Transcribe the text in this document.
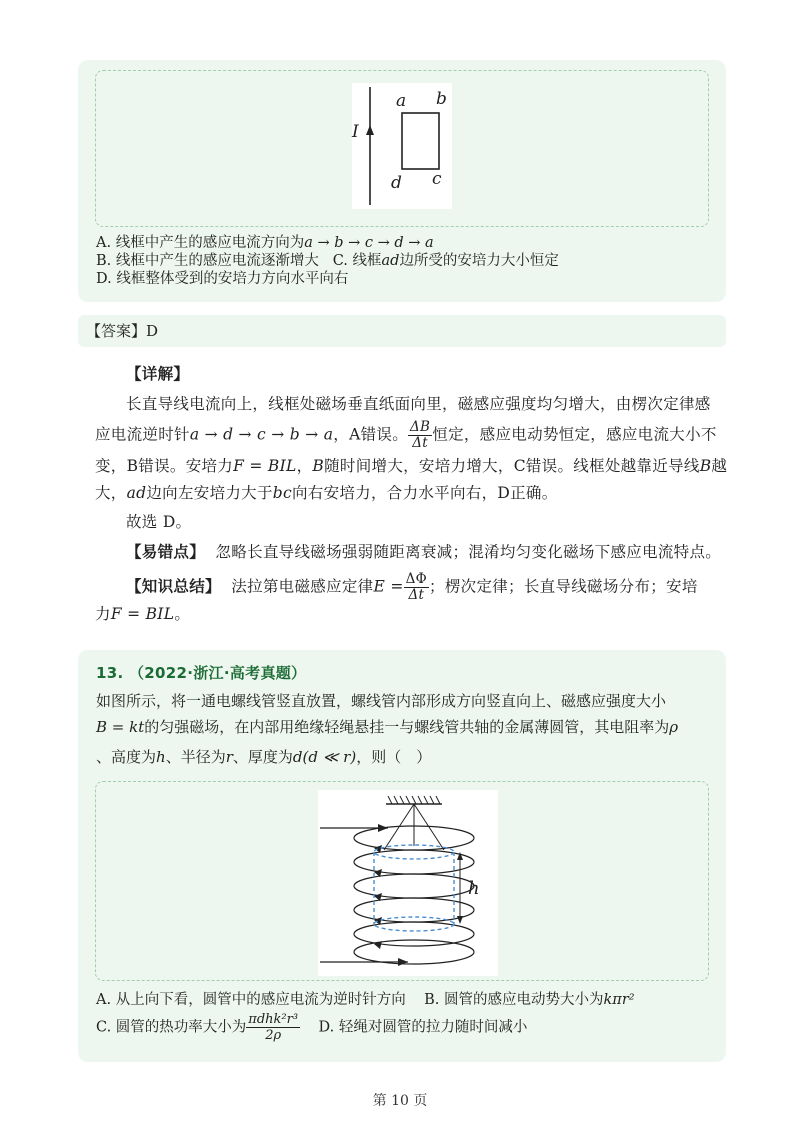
I
a b
d c
A. 线框中产生的感应电流方向为a → b → c → d → a
B. 线框中产生的感应电流逐渐增大 C. 线框ad边所受的安培力大小恒定
D. 线框整体受到的安培力方向水平向右
【答案】D
【详解】
长直导线电流向上，线框处磁场垂直纸面向里，磁感应强度均匀增大，由楞次定律感
应电流逆时针a → d → c → b → a，A错误。 $\frac{\Delta B}{\Delta t}$ 恒定，感应电动势恒定，感应电流大小不
变，B错误。安培力F = BIL，B随时间增大，安培力增大，C错误。线框处越靠近导线B越
大，ad边向左安培力大于bc向右安培力，合力水平向右，D正确。
故选 D。
【易错点】 忽略长直导线磁场强弱随距离衰减；混淆均匀变化磁场下感应电流特点。
【知识总结】 法拉第电磁感应定律$E = \frac{\Delta\Phi}{\Delta t}$ ；楞次定律；长直导线磁场分布；安培
力F = BIL。
13. （2022·浙江·高考真题）
如图所示，将一通电螺线管竖直放置，螺线管内部形成方向竖直向上、磁感应强度大小
B = kt的匀强磁场，在内部用绝缘轻绳悬挂一与螺线管共轴的金属薄圆管，其电阻率为ρ
、高度为h、半径为r、厚度为d(d ≪ r)，则（　）
h
A. 从上向下看，圆管中的感应电流为逆时针方向 B. 圆管的感应电动势大小为kπr²
C. 圆管的热功率大小为 $\frac{\text{πdhk²r³}}{2\rho} D$. 轻绳对圆管的拉力随时间减小
第 10 页
